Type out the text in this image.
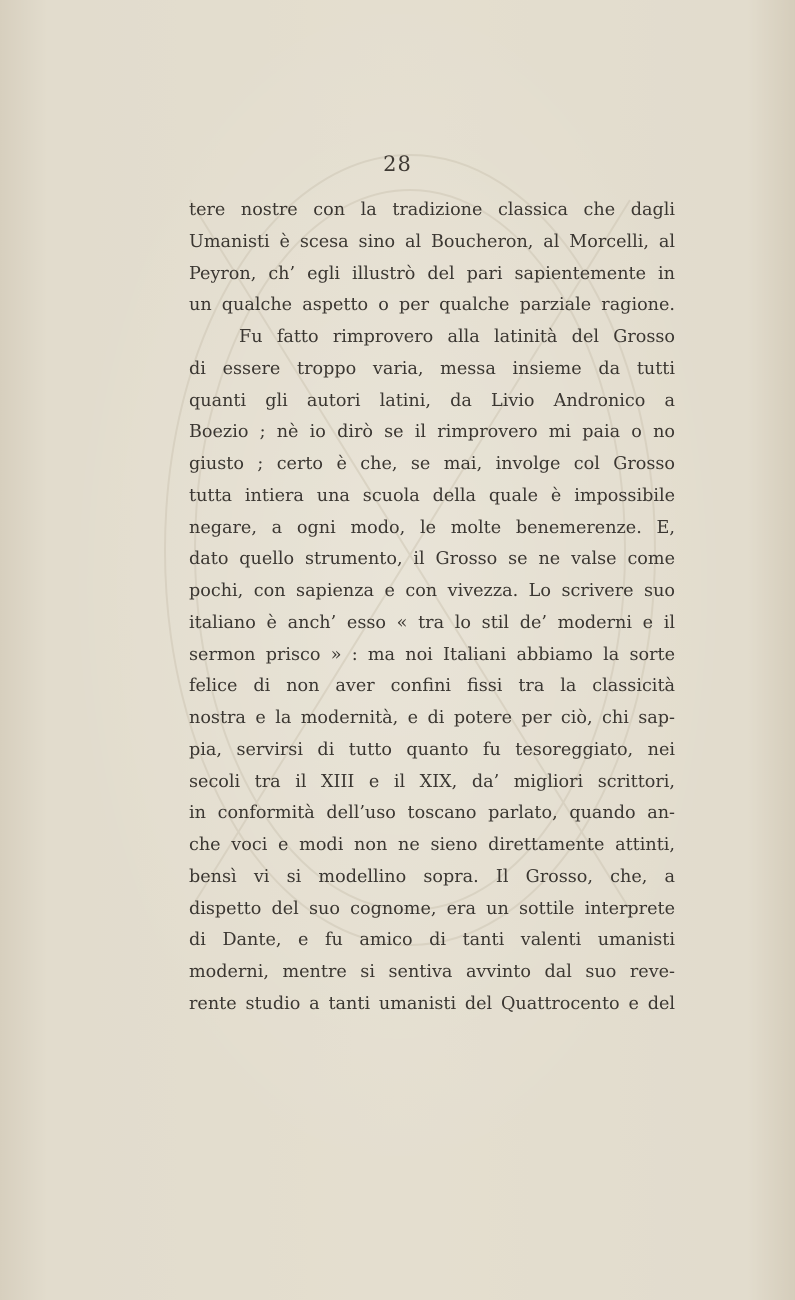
28
tere nostre con la tradizione classica che dagli
Umanisti è scesa sino al Boucheron, al Morcelli, al
Peyron, ch’ egli illustrò del pari sapientemente in
un qualche aspetto o per qualche parziale ragione.
Fu fatto rimprovero alla latinità del Grosso
di essere troppo varia, messa insieme da tutti
quanti gli autori latini, da Livio Andronico a
Boezio ; nè io dirò se il rimprovero mi paia o no
giusto ; certo è che, se mai, involge col Grosso
tutta intiera una scuola della quale è impossibile
negare, a ogni modo, le molte benemerenze. E,
dato quello strumento, il Grosso se ne valse come
pochi, con sapienza e con vivezza. Lo scrivere suo
italiano è anch’ esso « tra lo stil de’ moderni e il
sermon prisco » : ma noi Italiani abbiamo la sorte
felice di non aver confini fissi tra la classicità
nostra e la modernità, e di potere per ciò, chi sap-
pia, servirsi di tutto quanto fu tesoreggiato, nei
secoli tra il XIII e il XIX, da’ migliori scrittori,
in conformità dell’uso toscano parlato, quando an-
che voci e modi non ne sieno direttamente attinti,
bensì vi si modellino sopra. Il Grosso, che, a
dispetto del suo cognome, era un sottile interprete
di Dante, e fu amico di tanti valenti umanisti
moderni, mentre si sentiva avvinto dal suo reve-
rente studio a tanti umanisti del Quattrocento e del
